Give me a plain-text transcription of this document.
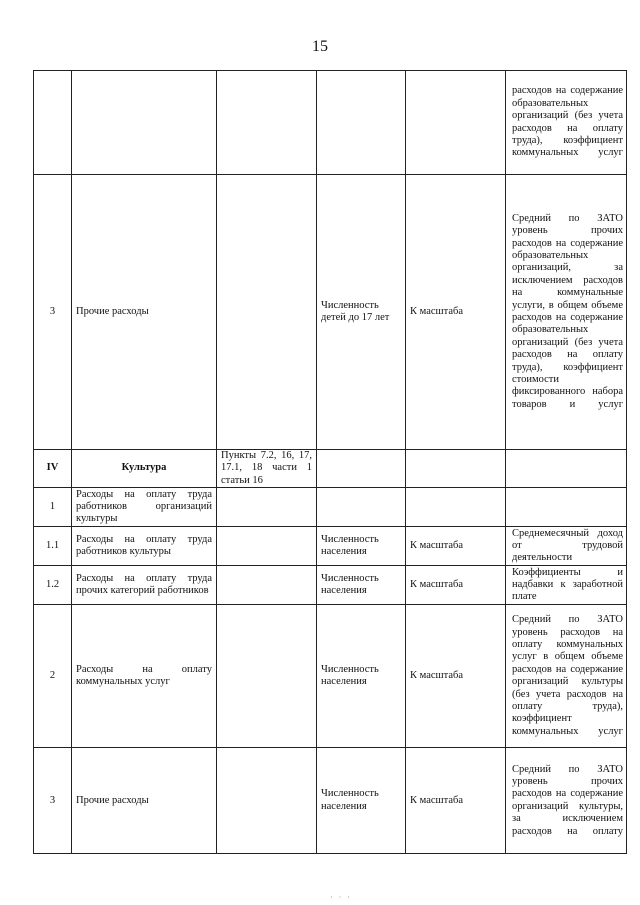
15
					расходов на содержание образовательных организаций (без учета расходов на оплату труда), коэффициент коммунальных услуг
3	Прочие расходы		Численность детей до 17 лет	К масштаба	Средний по ЗАТО уровень прочих расходов на содержание образовательных организаций, за исключением расходов на коммунальные услуги, в общем объеме расходов на содержание образовательных организаций (без учета расходов на оплату труда), коэффициент стоимости фиксированного набора товаров и услуг
IV	Культура	Пункты 7.2, 16, 17, 17.1, 18 части 1 статьи 16			
1	Расходы на оплату труда работников организаций культуры				
1.1	Расходы на оплату труда работников культуры		Численность населения	К масштаба	Среднемесячный доход от трудовой деятельности
1.2	Расходы на оплату труда прочих категорий работников		Численность населения	К масштаба	Коэффициенты и надбавки к заработной плате
2	Расходы на оплату коммунальных услуг		Численность населения	К масштаба	Средний по ЗАТО уровень расходов на оплату коммунальных услуг в общем объеме расходов на содержание организаций культуры (без учета расходов на оплату труда), коэффициент коммунальных услуг
3	Прочие расходы		Численность населения	К масштаба	Средний по ЗАТО уровень прочих расходов на содержание организаций культуры, за исключением расходов на оплату
· · ·
